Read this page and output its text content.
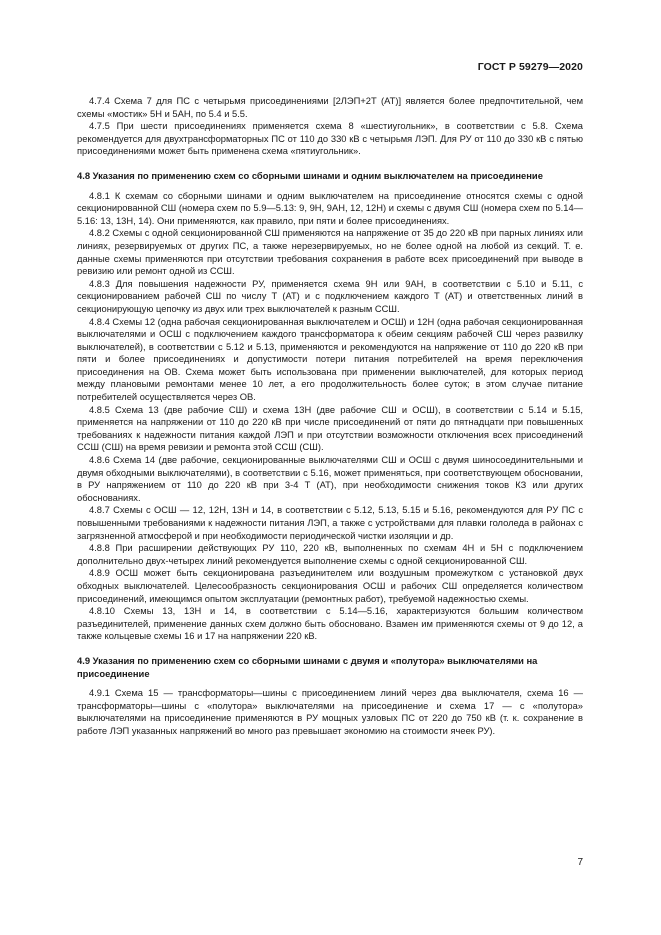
ГОСТ Р 59279—2020

4.7.4 Схема 7 для ПС с четырьмя присоединениями [2ЛЭП+2Т (АТ)] является более предпочтительной, чем схемы «мостик» 5Н и 5АН, по 5.4 и 5.5.

4.7.5 При шести присоединениях применяется схема 8 «шестиугольник», в соответствии с 5.8. Схема рекомендуется для двухтрансформаторных ПС от 110 до 330 кВ с четырьмя ЛЭП. Для РУ от 110 до 330 кВ с пятью присоединениями может быть применена схема «пятиугольник».

4.8 Указания по применению схем со сборными шинами и одним выключателем на присоединение

4.8.1 К схемам со сборными шинами и одним выключателем на присоединение относятся схемы с одной секционированной СШ (номера схем по 5.9—5.13: 9, 9Н, 9АН, 12, 12Н) и схемы с двумя СШ (номера схем по 5.14—5.16: 13, 13Н, 14). Они применяются, как правило, при пяти и более присоединениях.

4.8.2 Схемы с одной секционированной СШ применяются на напряжение от 35 до 220 кВ при парных линиях или линиях, резервируемых от других ПС, а также нерезервируемых, но не более одной на любой из секций. Т. е. данные схемы применяются при отсутствии требования сохранения в работе всех присоединений при выводе в ревизию или ремонт одной из ССШ.

4.8.3 Для повышения надежности РУ, применяется схема 9Н или 9АН, в соответствии с 5.10 и 5.11, с секционированием рабочей СШ по числу Т (АТ) и с подключением каждого Т (АТ) и ответственных линий в секционирующую цепочку из двух или трех выключателей к разным ССШ.

4.8.4 Схемы 12 (одна рабочая секционированная выключателем и ОСШ) и 12Н (одна рабочая секционированная выключателями и ОСШ с подключением каждого трансформатора к обеим секциям рабочей СШ через развилку выключателей), в соответствии с 5.12 и 5.13, применяются и рекомендуются на напряжение от 110 до 220 кВ при пяти и более присоединениях и допустимости потери питания потребителей на время переключения присоединения на ОВ. Схема может быть использована при применении выключателей, для которых период между плановыми ремонтами менее 10 лет, а его продолжительность более суток; в этом случае питание потребителей осуществляется через ОВ.

4.8.5 Схема 13 (две рабочие СШ) и схема 13Н (две рабочие СШ и ОСШ), в соответствии с 5.14 и 5.15, применяется на напряжении от 110 до 220 кВ при числе присоединений от пяти до пятнадцати при повышенных требованиях к надежности питания каждой ЛЭП и при отсутствии возможности отключения всех присоединений ССШ (СШ) на время ревизии и ремонта этой ССШ (СШ).

4.8.6 Схема 14 (две рабочие, секционированные выключателями СШ и ОСШ с двумя шиносоединительными и двумя обходными выключателями), в соответствии с 5.16, может применяться, при соответствующем обосновании, в РУ напряжением от 110 до 220 кВ при 3-4 Т (АТ), при необходимости снижения токов КЗ или других обоснованиях.

4.8.7 Схемы с ОСШ — 12, 12Н, 13Н и 14, в соответствии с 5.12, 5.13, 5.15 и 5.16, рекомендуются для РУ ПС с повышенными требованиями к надежности питания ЛЭП, а также с устройствами для плавки гололеда в районах с загрязненной атмосферой и при необходимости периодической чистки изоляции и др.

4.8.8 При расширении действующих РУ 110, 220 кВ, выполненных по схемам 4Н и 5Н с подключением дополнительно двух-четырех линий рекомендуется выполнение схемы с одной секционированной СШ.

4.8.9 ОСШ может быть секционирована разъединителем или воздушным промежутком с установкой двух обходных выключателей. Целесообразность секционирования ОСШ и рабочих СШ определяется количеством присоединений, имеющимся опытом эксплуатации (ремонтных работ), требуемой надежностью схемы.

4.8.10 Схемы 13, 13Н и 14, в соответствии с 5.14—5.16, характеризуются большим количеством разъединителей, применение данных схем должно быть обосновано. Взамен им применяются схемы от 9 до 12, а также кольцевые схемы 16 и 17 на напряжении 220 кВ.

4.9 Указания по применению схем со сборными шинами с двумя и «полутора» выключателями на присоединение

4.9.1 Схема 15 — трансформаторы—шины с присоединением линий через два выключателя, схема 16 — трансформаторы—шины с «полутора» выключателями на присоединение и схема 17 — с «полутора» выключателями на присоединение применяются в РУ мощных узловых ПС от 220 до 750 кВ (т. к. сохранение в работе ЛЭП указанных напряжений во много раз превышает экономию на стоимости ячеек РУ).

7
